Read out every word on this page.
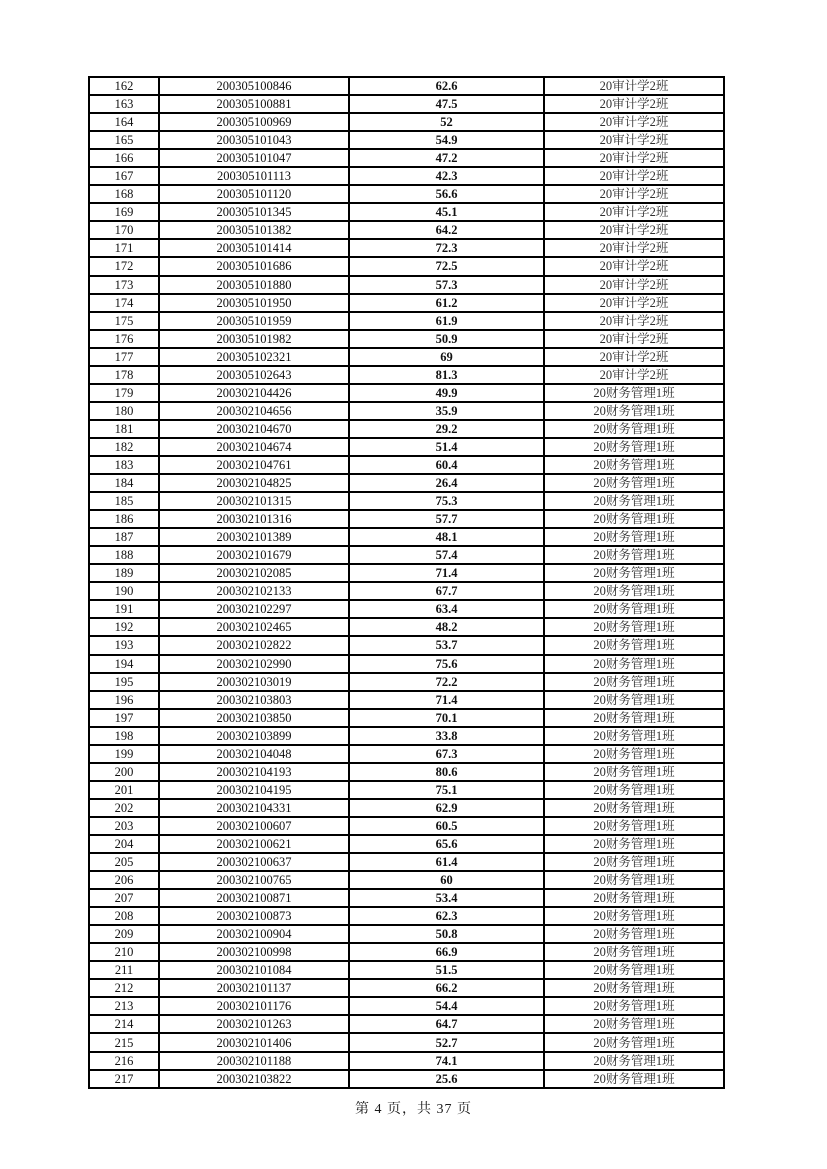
162	200305100846	62.6	20审计学2班
163	200305100881	47.5	20审计学2班
164	200305100969	52	20审计学2班
165	200305101043	54.9	20审计学2班
166	200305101047	47.2	20审计学2班
167	200305101113	42.3	20审计学2班
168	200305101120	56.6	20审计学2班
169	200305101345	45.1	20审计学2班
170	200305101382	64.2	20审计学2班
171	200305101414	72.3	20审计学2班
172	200305101686	72.5	20审计学2班
173	200305101880	57.3	20审计学2班
174	200305101950	61.2	20审计学2班
175	200305101959	61.9	20审计学2班
176	200305101982	50.9	20审计学2班
177	200305102321	69	20审计学2班
178	200305102643	81.3	20审计学2班
179	200302104426	49.9	20财务管理1班
180	200302104656	35.9	20财务管理1班
181	200302104670	29.2	20财务管理1班
182	200302104674	51.4	20财务管理1班
183	200302104761	60.4	20财务管理1班
184	200302104825	26.4	20财务管理1班
185	200302101315	75.3	20财务管理1班
186	200302101316	57.7	20财务管理1班
187	200302101389	48.1	20财务管理1班
188	200302101679	57.4	20财务管理1班
189	200302102085	71.4	20财务管理1班
190	200302102133	67.7	20财务管理1班
191	200302102297	63.4	20财务管理1班
192	200302102465	48.2	20财务管理1班
193	200302102822	53.7	20财务管理1班
194	200302102990	75.6	20财务管理1班
195	200302103019	72.2	20财务管理1班
196	200302103803	71.4	20财务管理1班
197	200302103850	70.1	20财务管理1班
198	200302103899	33.8	20财务管理1班
199	200302104048	67.3	20财务管理1班
200	200302104193	80.6	20财务管理1班
201	200302104195	75.1	20财务管理1班
202	200302104331	62.9	20财务管理1班
203	200302100607	60.5	20财务管理1班
204	200302100621	65.6	20财务管理1班
205	200302100637	61.4	20财务管理1班
206	200302100765	60	20财务管理1班
207	200302100871	53.4	20财务管理1班
208	200302100873	62.3	20财务管理1班
209	200302100904	50.8	20财务管理1班
210	200302100998	66.9	20财务管理1班
211	200302101084	51.5	20财务管理1班
212	200302101137	66.2	20财务管理1班
213	200302101176	54.4	20财务管理1班
214	200302101263	64.7	20财务管理1班
215	200302101406	52.7	20财务管理1班
216	200302101188	74.1	20财务管理1班
217	200302103822	25.6	20财务管理1班
第 4 页，共 37 页
